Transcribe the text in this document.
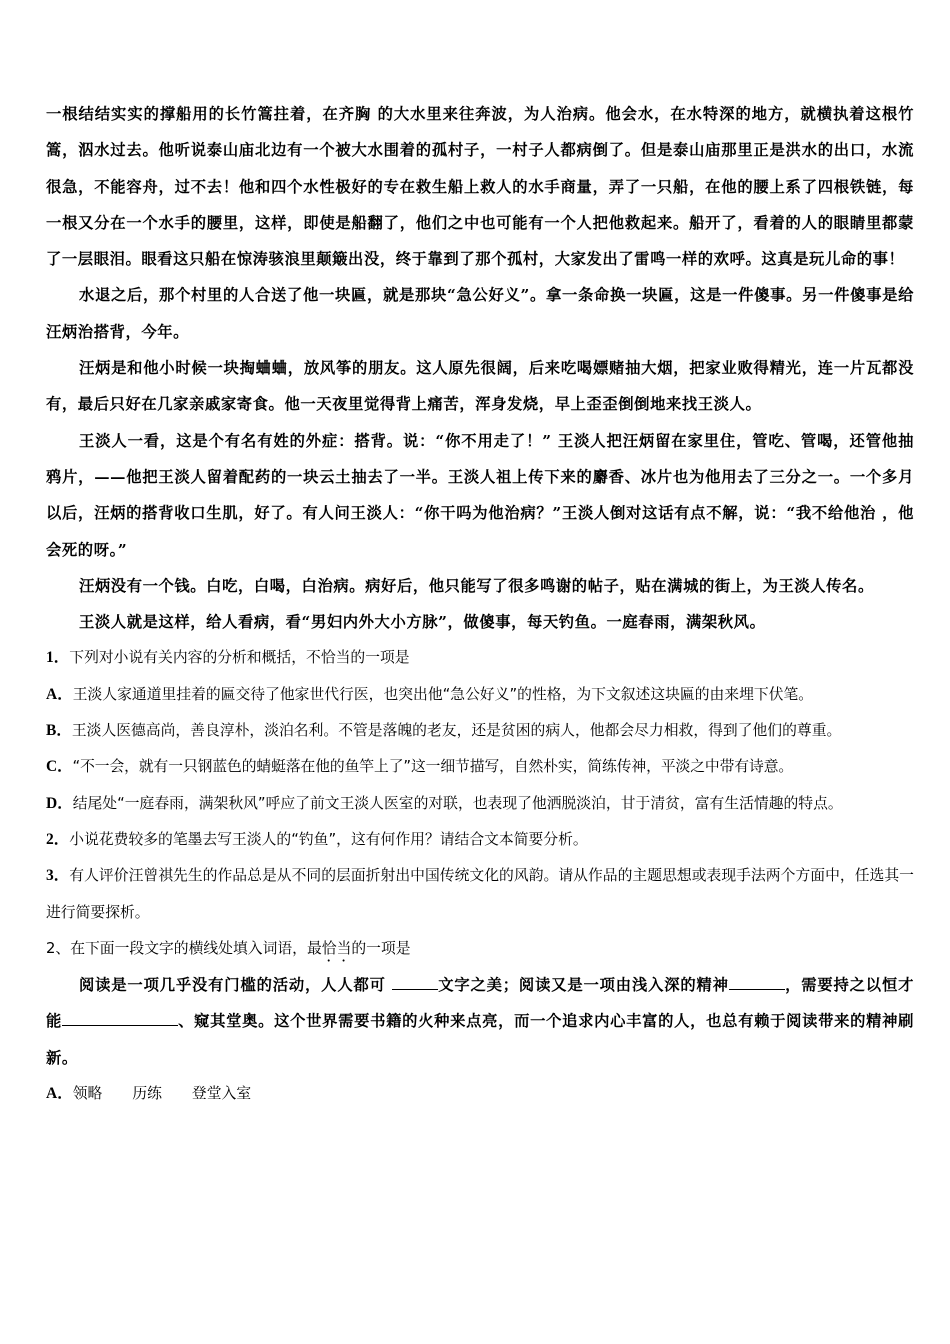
一根结结实实的撑船用的长竹篙拄着，在齐胸 的大水里来往奔波，为人治病。他会水，在水特深的地方，就横执着这根竹篙，泅水过去。他听说泰山庙北边有一个被大水围着的孤村子，一村子人都病倒了。但是泰山庙那里正是洪水的出口，水流很急，不能容舟，过不去！他和四个水性极好的专在救生船上救人的水手商量，弄了一只船，在他的腰上系了四根铁链，每一根又分在一个水手的腰里，这样，即使是船翻了，他们之中也可能有一个人把他救起来。船开了，看着的人的眼睛里都蒙了一层眼泪。眼看这只船在惊涛骇浪里颠簸出没，终于靠到了那个孤村，大家发出了雷鸣一样的欢呼。这真是玩儿命的事！

水退之后，那个村里的人合送了他一块匾，就是那块“急公好义”。拿一条命换一块匾，这是一件傻事。另一件傻事是给汪炳治搭背，今年。

汪炳是和他小时候一块掏蛐蛐，放风筝的朋友。这人原先很阔，后来吃喝嫖赌抽大烟，把家业败得精光，连一片瓦都没有，最后只好在几家亲戚家寄食。他一天夜里觉得背上痛苦，浑身发烧，早上歪歪倒倒地来找王淡人。

王淡人一看，这是个有名有姓的外症：搭背。说：“你不用走了！” 王淡人把汪炳留在家里住，管吃、管喝，还管他抽鸦片，——他把王淡人留着配药的一块云土抽去了一半。王淡人祖上传下来的麝香、冰片也为他用去了三分之一。一个多月以后，汪炳的搭背收口生肌，好了。有人问王淡人：“你干吗为他治病？”王淡人倒对这话有点不解，说：“我不给他治 ，他会死的呀。”

汪炳没有一个钱。白吃，白喝，白治病。病好后，他只能写了很多鸣谢的帖子，贴在满城的街上，为王淡人传名。

王淡人就是这样，给人看病，看“男妇内外大小方脉”，做傻事，每天钓鱼。一庭春雨，满架秋风。

1．下列对小说有关内容的分析和概括，不恰当的一项是

A．王淡人家通道里挂着的匾交待了他家世代行医，也突出他“急公好义”的性格，为下文叙述这块匾的由来埋下伏笔。

B．王淡人医德高尚，善良淳朴，淡泊名利。不管是落魄的老友，还是贫困的病人，他都会尽力相救，得到了他们的尊重。

C．“不一会，就有一只钢蓝色的蜻蜓落在他的鱼竿上了”这一细节描写，自然朴实，简练传神，平淡之中带有诗意。

D．结尾处“一庭春雨，满架秋风”呼应了前文王淡人医室的对联，也表现了他洒脱淡泊，甘于清贫，富有生活情趣的特点。

2．小说花费较多的笔墨去写王淡人的“钓鱼”，这有何作用？请结合文本简要分析。

3．有人评价汪曾祺先生的作品总是从不同的层面折射出中国传统文化的风韵。请从作品的主题思想或表现手法两个方面中，任选其一进行简要探析。

2、在下面一段文字的横线处填入词语，最恰当的一项是

阅读是一项几乎没有门槛的活动，人人都可	文字之美；阅读又是一项由浅入深的精神	，需要持之以恒才能	、窥其堂奥。这个世界需要书籍的火种来点亮，而一个追求内心丰富的人，也总有赖于阅读带来的精神刷新。

A．领略 历练 登堂入室
